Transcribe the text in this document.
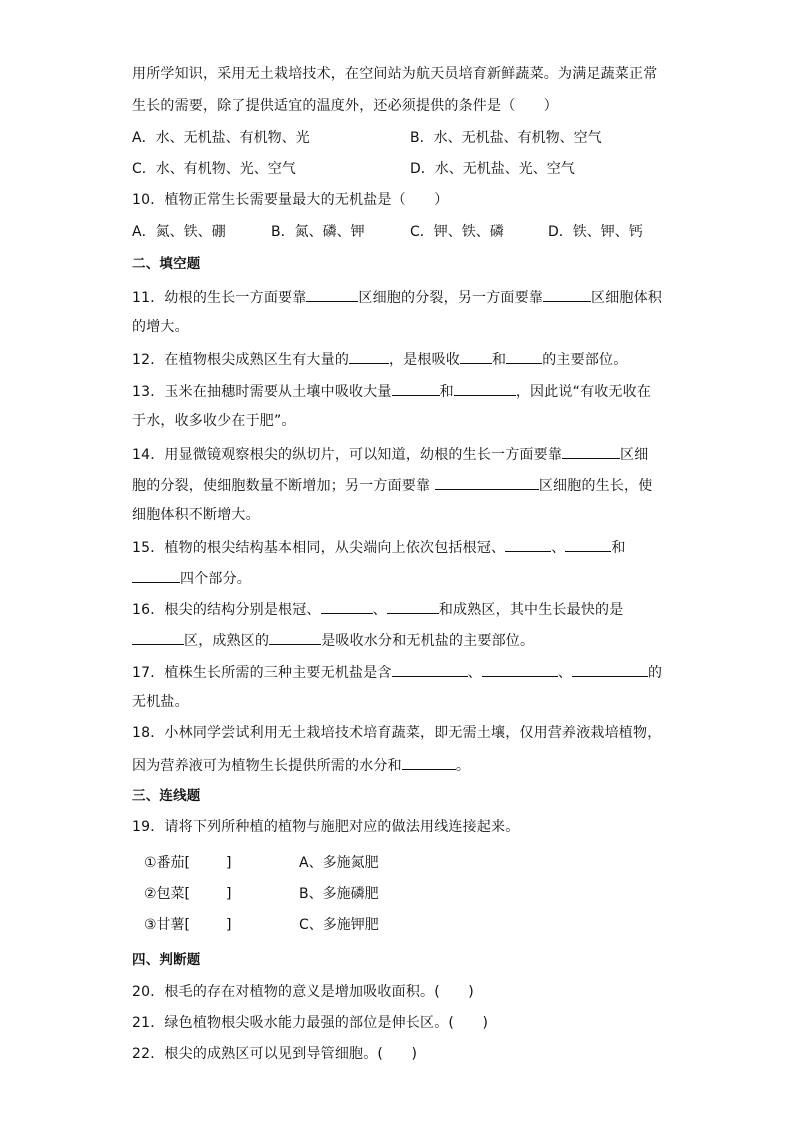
用所学知识，采用无土栽培技术，在空间站为航天员培育新鲜蔬菜。为满足蔬菜正常
生长的需要，除了提供适宜的温度外，还必须提供的条件是（　　）
A．水、无机盐、有机物、光	B．水、无机盐、有机物、空气
C．水、有机物、光、空气	D．水、无机盐、光、空气
10．植物正常生长需要量最大的无机盐是（　　）
A．氮、铁、硼	B．氮、磷、钾	C．钾、铁、磷	D．铁、钾、钙
二、填空题
11．幼根的生长一方面要靠	区细胞的分裂，另一方面要靠	区细胞体积
的增大。
12．在植物根尖成熟区生有大量的	，是根吸收 和	的主要部位。
13．玉米在抽穗时需要从土壤中吸收大量	和	，因此说“有收无收在
于水，收多收少在于肥”。
14．用显微镜观察根尖的纵切片，可以知道，幼根的生长一方面要靠	区细
胞的分裂，使细胞数量不断增加；另一方面要靠	区细胞的生长，使
细胞体积不断增大。
15．植物的根尖结构基本相同，从尖端向上依次包括根冠、	、	和
四个部分。
16．根尖的结构分别是根冠、	、	和成熟区，其中生长最快的是
区，成熟区的	是吸收水分和无机盐的主要部位。
17．植株生长所需的三种主要无机盐是含	、	、	的
无机盐。
18．小林同学尝试利用无土栽培技术培育蔬菜，即无需土壤，仅用营养液栽培植物，
因为营养液可为植物生长提供所需的水分和	。
三、连线题
19．请将下列所种植的植物与施肥对应的做法用线连接起来。
①番茄[	]	A、多施氮肥
②包菜[	]	B、多施磷肥
③甘薯[	]	C、多施钾肥
四、判断题
20．根毛的存在对植物的意义是增加吸收面积。(　　)
21．绿色植物根尖吸水能力最强的部位是伸长区。(　　)
22．根尖的成熟区可以见到导管细胞。(　　)
